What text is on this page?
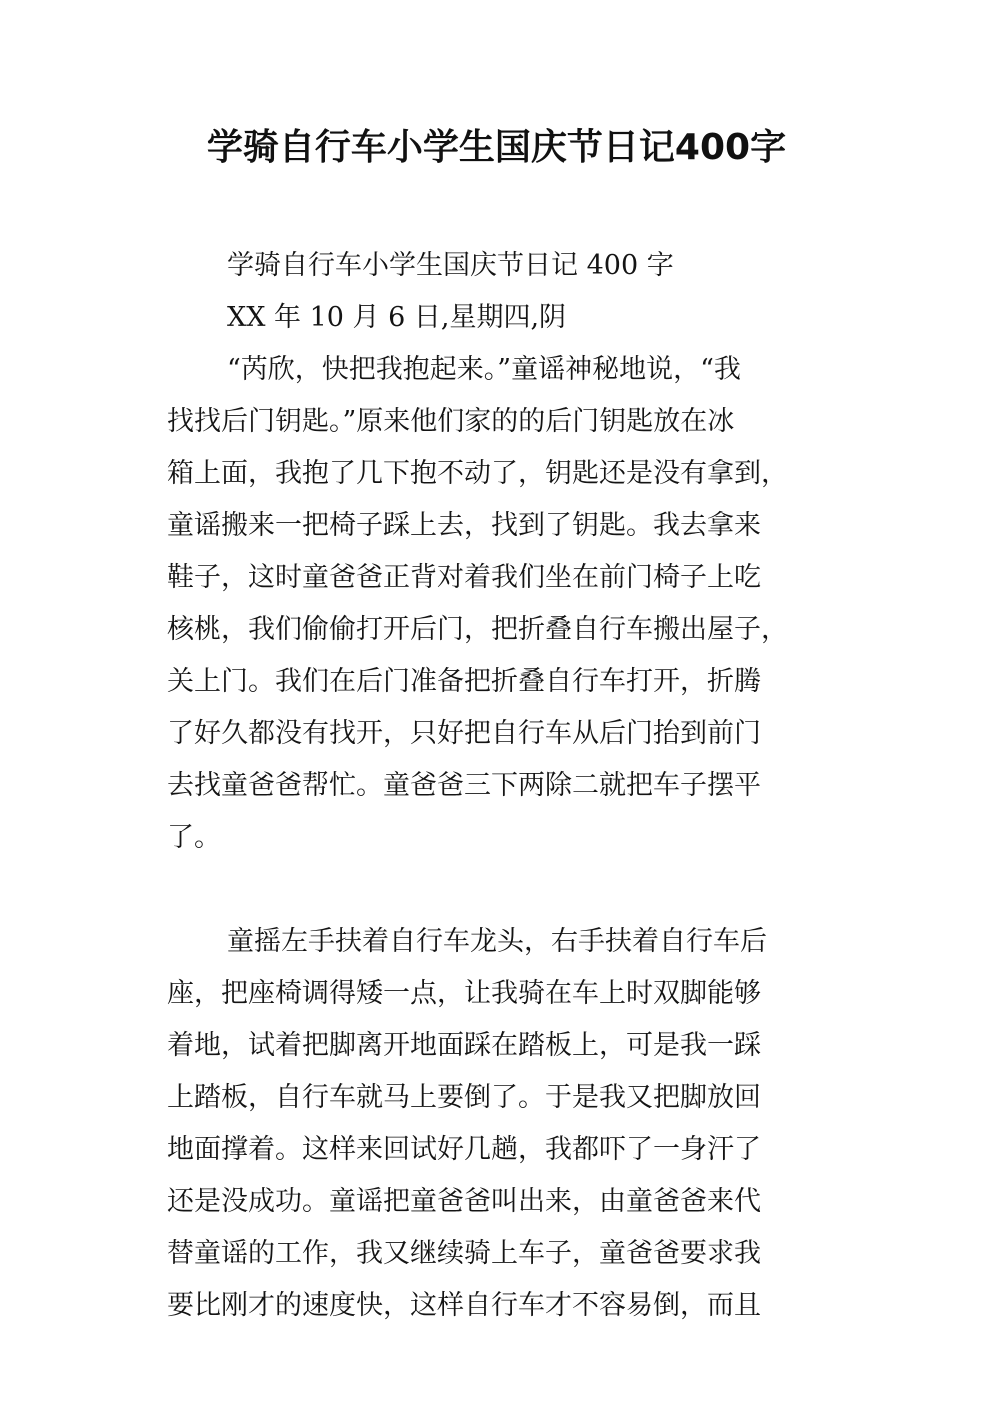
学骑自行车小学生国庆节日记400字
学骑自行车小学生国庆节日记 400 字
XX 年 10 月 6 日,星期四,阴
“芮欣，快把我抱起来。”童谣神秘地说，“我
找找后门钥匙。”原来他们家的的后门钥匙放在冰
箱上面，我抱了几下抱不动了，钥匙还是没有拿到，
童谣搬来一把椅子踩上去，找到了钥匙。我去拿来
鞋子，这时童爸爸正背对着我们坐在前门椅子上吃
核桃，我们偷偷打开后门，把折叠自行车搬出屋子，
关上门。我们在后门准备把折叠自行车打开，折腾
了好久都没有找开，只好把自行车从后门抬到前门
去找童爸爸帮忙。童爸爸三下两除二就把车子摆平
了。
童摇左手扶着自行车龙头，右手扶着自行车后
座，把座椅调得矮一点，让我骑在车上时双脚能够
着地，试着把脚离开地面踩在踏板上，可是我一踩
上踏板，自行车就马上要倒了。于是我又把脚放回
地面撑着。这样来回试好几趟，我都吓了一身汗了
还是没成功。童谣把童爸爸叫出来，由童爸爸来代
替童谣的工作，我又继续骑上车子，童爸爸要求我
要比刚才的速度快，这样自行车才不容易倒，而且
